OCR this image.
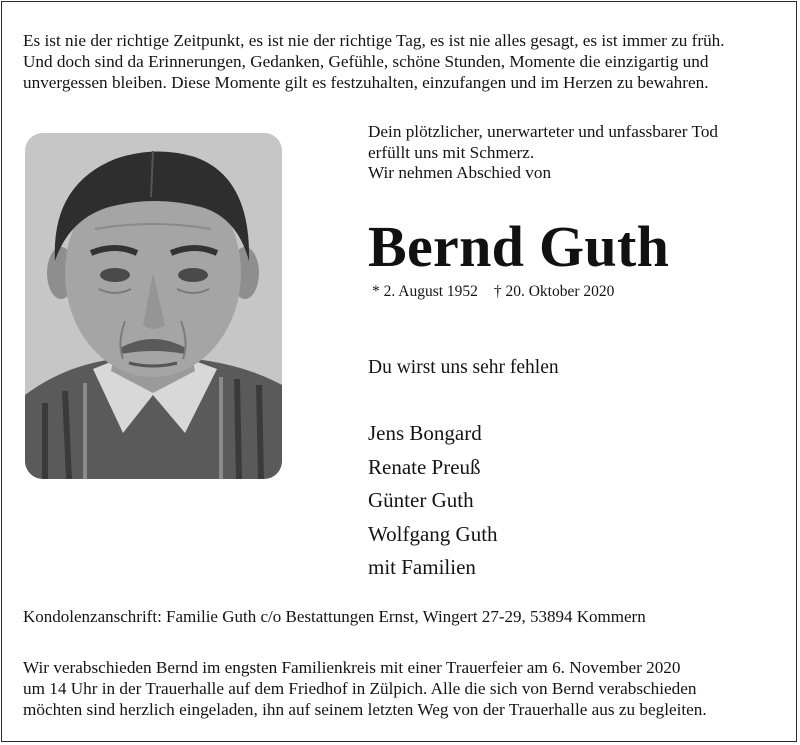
Es ist nie der richtige Zeitpunkt, es ist nie der richtige Tag, es ist nie alles gesagt, es ist immer zu früh.
Und doch sind da Erinnerungen, Gedanken, Gefühle, schöne Stunden, Momente die einzigartig und
unvergessen bleiben. Diese Momente gilt es festzuhalten, einzufangen und im Herzen zu bewahren.
Dein plötzlicher, unerwarteter und unfassbarer Tod
erfüllt uns mit Schmerz.
Wir nehmen Abschied von
Bernd Guth
* 2. August 1952 † 20. Oktober 2020
Du wirst uns sehr fehlen
Jens Bongard
Renate Preuß
Günter Guth
Wolfgang Guth
mit Familien
Kondolenzanschrift: Familie Guth c/o Bestattungen Ernst, Wingert 27-29, 53894 Kommern
Wir verabschieden Bernd im engsten Familienkreis mit einer Trauerfeier am 6. November 2020
um 14 Uhr in der Trauerhalle auf dem Friedhof in Zülpich. Alle die sich von Bernd verabschieden
möchten sind herzlich eingeladen, ihn auf seinem letzten Weg von der Trauerhalle aus zu begleiten.
